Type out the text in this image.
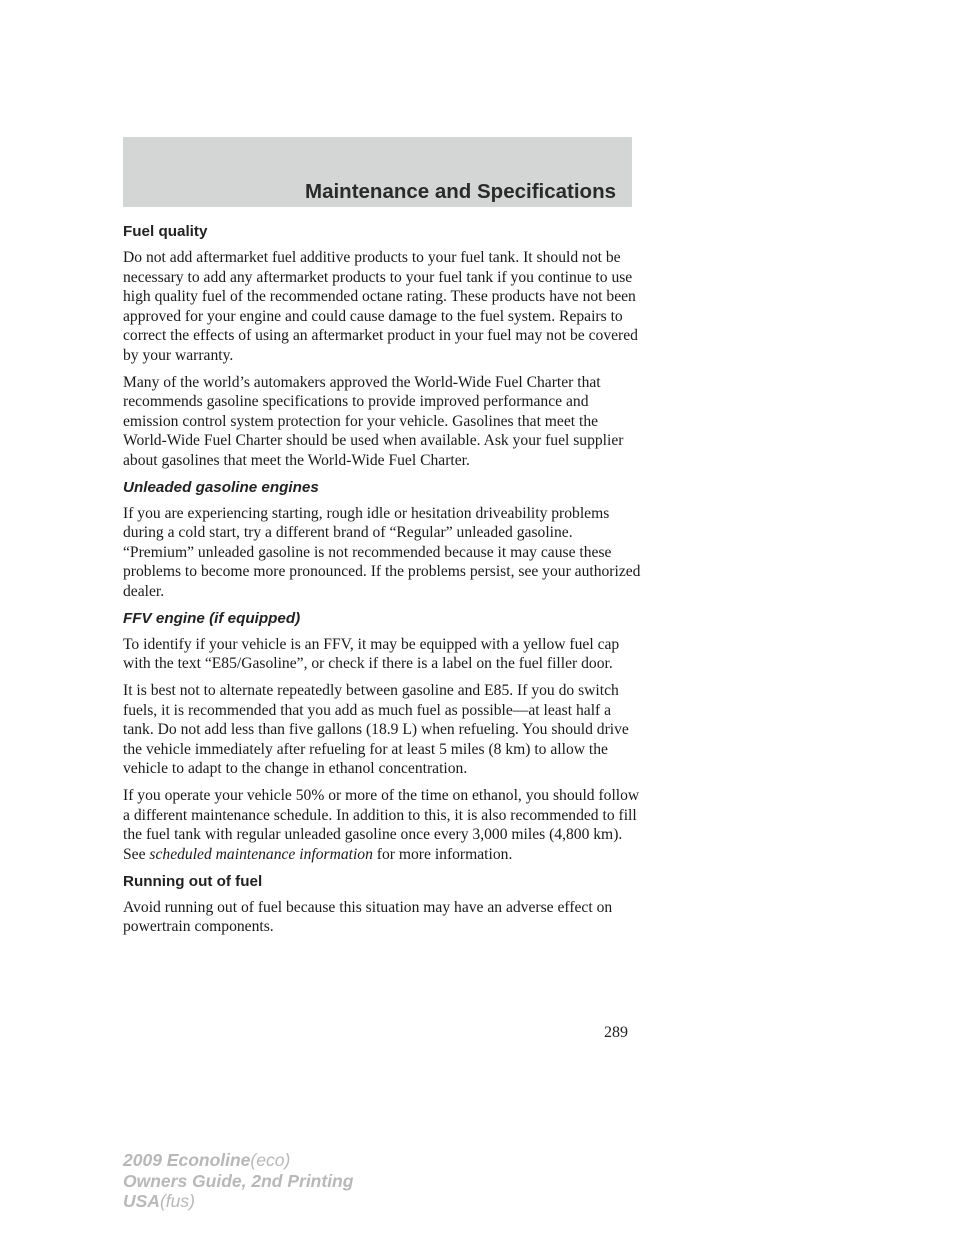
Maintenance and Specifications
Fuel quality

Do not add aftermarket fuel additive products to your fuel tank. It should not be necessary to add any aftermarket products to your fuel tank if you continue to use high quality fuel of the recommended octane rating. These products have not been approved for your engine and could cause damage to the fuel system. Repairs to correct the effects of using an aftermarket product in your fuel may not be covered by your warranty.

Many of the world’s automakers approved the World-Wide Fuel Charter that recommends gasoline specifications to provide improved performance and emission control system protection for your vehicle. Gasolines that meet the World-Wide Fuel Charter should be used when available. Ask your fuel supplier about gasolines that meet the World-Wide Fuel Charter.

Unleaded gasoline engines

If you are experiencing starting, rough idle or hesitation driveability problems during a cold start, try a different brand of “Regular” unleaded gasoline. “Premium” unleaded gasoline is not recommended because it may cause these problems to become more pronounced. If the problems persist, see your authorized dealer.

FFV engine (if equipped)

To identify if your vehicle is an FFV, it may be equipped with a yellow fuel cap with the text “E85/Gasoline”, or check if there is a label on the fuel filler door.

It is best not to alternate repeatedly between gasoline and E85. If you do switch fuels, it is recommended that you add as much fuel as possible—at least half a tank. Do not add less than five gallons (18.9 L) when refueling. You should drive the vehicle immediately after refueling for at least 5 miles (8 km) to allow the vehicle to adapt to the change in ethanol concentration.

If you operate your vehicle 50% or more of the time on ethanol, you should follow a different maintenance schedule. In addition to this, it is also recommended to fill the fuel tank with regular unleaded gasoline once every 3,000 miles (4,800 km). See scheduled maintenance information for more information.

Running out of fuel

Avoid running out of fuel because this situation may have an adverse effect on powertrain components.

289
2009 Econoline(eco)
Owners Guide, 2nd Printing
USA(fus)
